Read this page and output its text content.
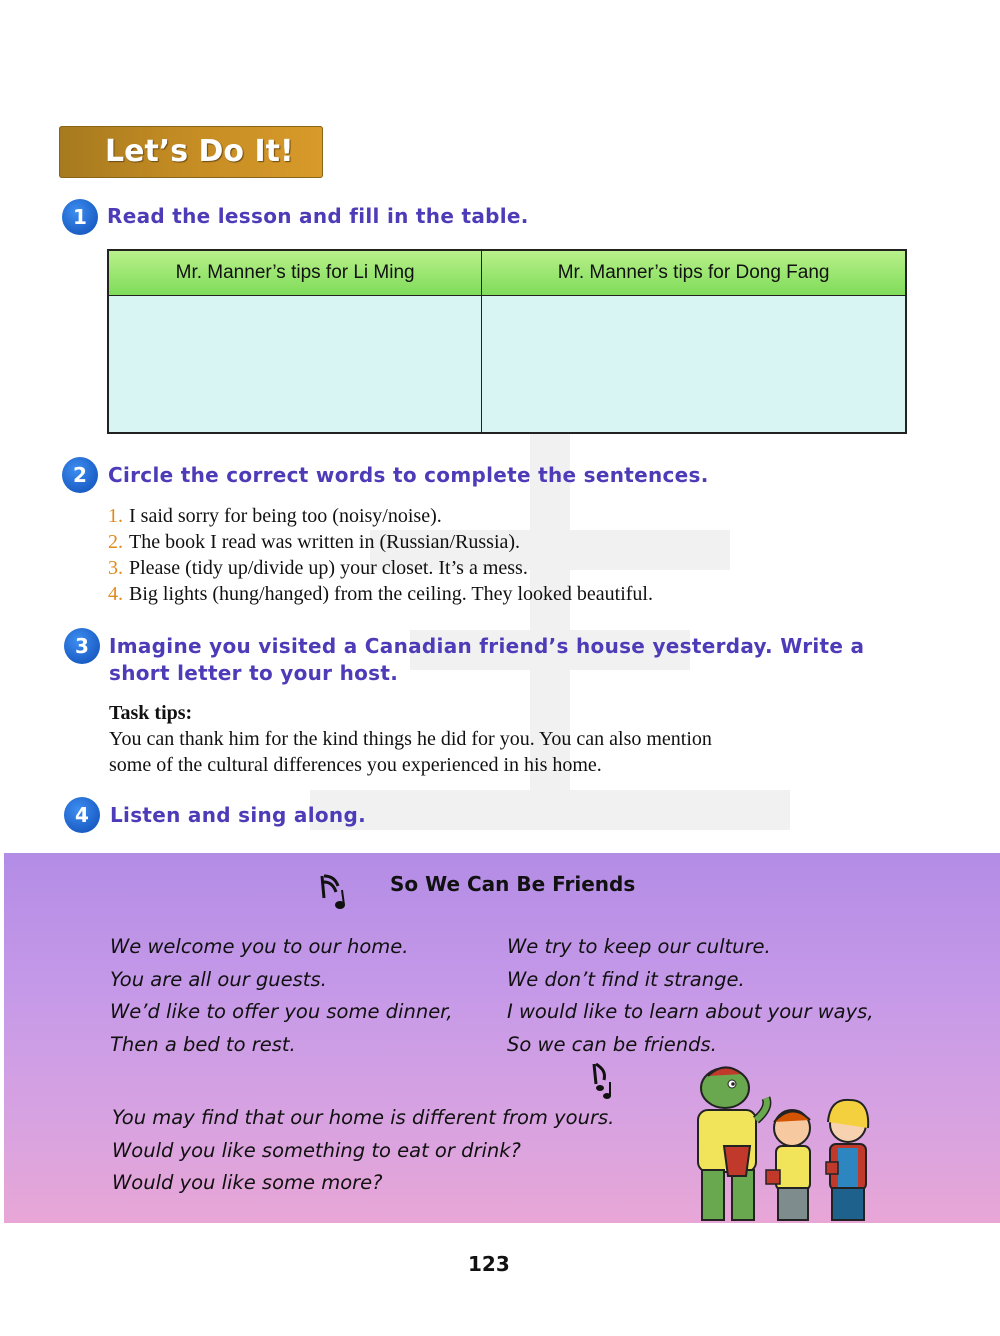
Let’s Do It!
1	Read the lesson and fill in the table.
Mr. Manner’s tips for Li Ming	Mr. Manner’s tips for Dong Fang

2	Circle the correct words to complete the sentences.
1. I said sorry for being too (noisy/noise).
2. The book I read was written in (Russian/Russia).
3. Please (tidy up/divide up) your closet. It’s a mess.
4. Big lights (hung/hanged) from the ceiling. They looked beautiful.
3	Imagine you visited a Canadian friend’s house yesterday. Write a
short letter to your host.
Task tips:
You can thank him for the kind things he did for you. You can also mention
some of the cultural differences you experienced in his home.
4	Listen and sing along.
So We Can Be Friends
We welcome you to our home.
You are all our guests.
We’d like to offer you some dinner,
Then a bed to rest.
We try to keep our culture.
We don’t find it strange.
I would like to learn about your ways,
So we can be friends.
You may find that our home is different from yours.
Would you like something to eat or drink?
Would you like some more?
123
